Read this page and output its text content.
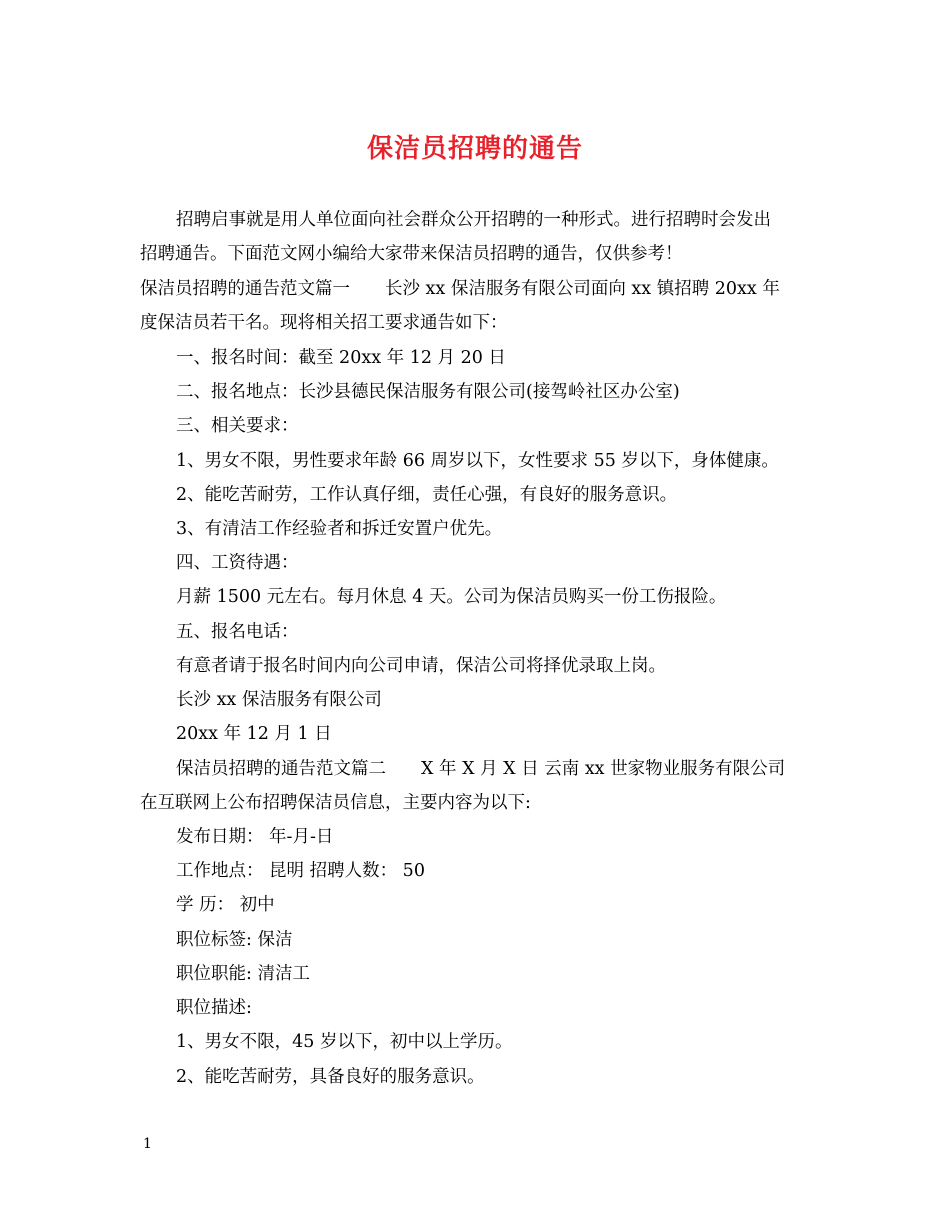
保洁员招聘的通告
招聘启事就是用人单位面向社会群众公开招聘的一种形式。进行招聘时会发出
招聘通告。下面范文网小编给大家带来保洁员招聘的通告，仅供参考！
保洁员招聘的通告范文篇一　　长沙 xx 保洁服务有限公司面向 xx 镇招聘 20xx 年
度保洁员若干名。现将相关招工要求通告如下：
一、报名时间：截至 20xx 年 12 月 20 日
二、报名地点：长沙县德民保洁服务有限公司(接驾岭社区办公室)
三、相关要求：
1、男女不限，男性要求年龄 66 周岁以下，女性要求 55 岁以下，身体健康。
2、能吃苦耐劳，工作认真仔细，责任心强，有良好的服务意识。
3、有清洁工作经验者和拆迁安置户优先。
四、工资待遇：
月薪 1500 元左右。每月休息 4 天。公司为保洁员购买一份工伤报险。
五、报名电话：
有意者请于报名时间内向公司申请，保洁公司将择优录取上岗。
长沙 xx 保洁服务有限公司
20xx 年 12 月 1 日
保洁员招聘的通告范文篇二　　X 年 X 月 X 日 云南 xx 世家物业服务有限公司
在互联网上公布招聘保洁员信息，主要内容为以下:
发布日期： 年-月-日
工作地点： 昆明 招聘人数： 50
学 历： 初中
职位标签: 保洁
职位职能: 清洁工
职位描述:
1、男女不限，45 岁以下，初中以上学历。
2、能吃苦耐劳，具备良好的服务意识。
1
